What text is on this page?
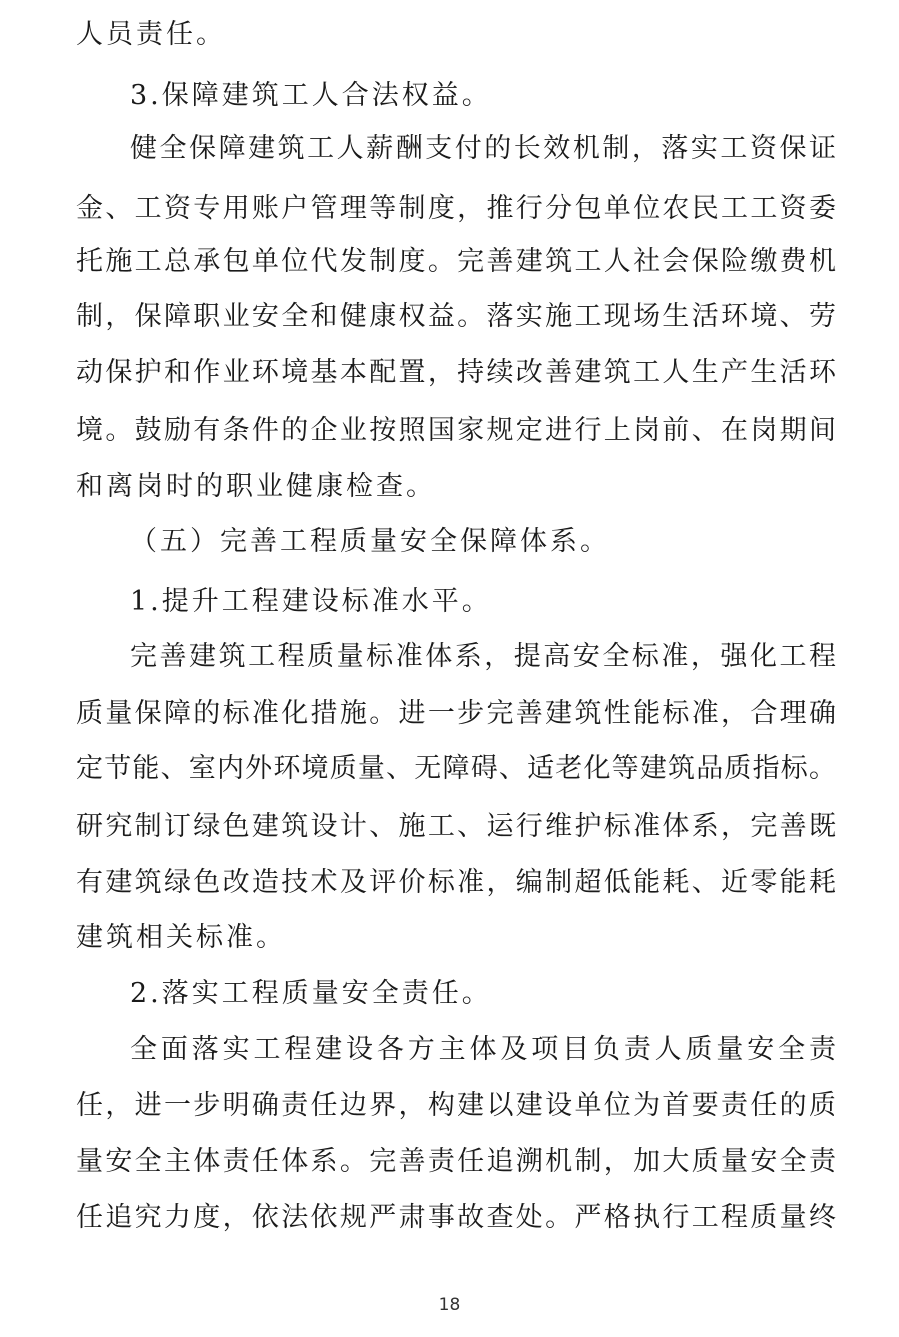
人员责任。
3.保障建筑工人合法权益。
健全保障建筑工人薪酬支付的长效机制，落实工资保证
金、工资专用账户管理等制度，推行分包单位农民工工资委
托施工总承包单位代发制度。完善建筑工人社会保险缴费机
制，保障职业安全和健康权益。落实施工现场生活环境、劳
动保护和作业环境基本配置，持续改善建筑工人生产生活环
境。鼓励有条件的企业按照国家规定进行上岗前、在岗期间
和离岗时的职业健康检查。
（五）完善工程质量安全保障体系。
1.提升工程建设标准水平。
完善建筑工程质量标准体系，提高安全标准，强化工程
质量保障的标准化措施。进一步完善建筑性能标准，合理确
定节能、室内外环境质量、无障碍、适老化等建筑品质指标。
研究制订绿色建筑设计、施工、运行维护标准体系，完善既
有建筑绿色改造技术及评价标准，编制超低能耗、近零能耗
建筑相关标准。
2.落实工程质量安全责任。
全面落实工程建设各方主体及项目负责人质量安全责
任，进一步明确责任边界，构建以建设单位为首要责任的质
量安全主体责任体系。完善责任追溯机制，加大质量安全责
任追究力度，依法依规严肃事故查处。严格执行工程质量终
18
